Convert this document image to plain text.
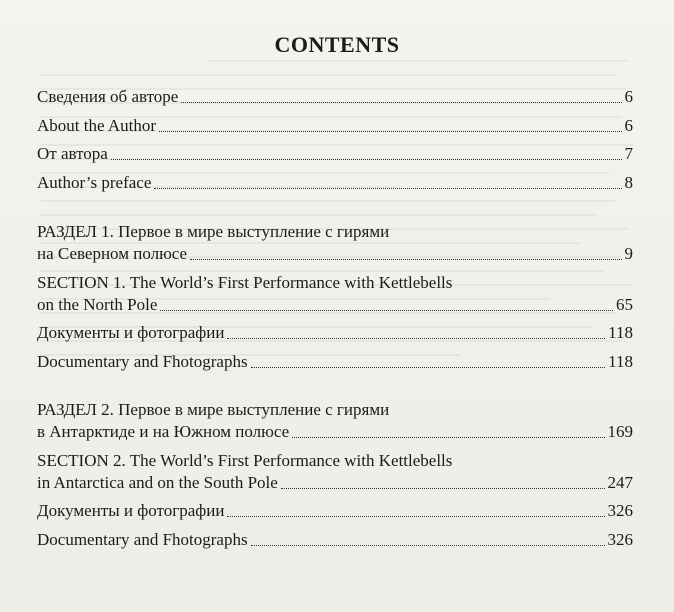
CONTENTS
Сведения об авторе	6
About the Author	6
От автора	7
Author’s preface	8
РАЗДЕЛ 1. Первое в мире выступление с гирями
на Северном полюсе	9
SECTION 1. The World’s First Performance with Kettlebells
on the North Pole	65
Документы и фотографии	118
Documentary and Fhotographs	118
РАЗДЕЛ 2. Первое в мире выступление с гирями
в Антарктиде и на Южном полюсе	169
SECTION 2. The World’s First Performance with Kettlebells
in Antarctica and on the South Pole	247
Документы и фотографии	326
Documentary and Fhotographs	326
